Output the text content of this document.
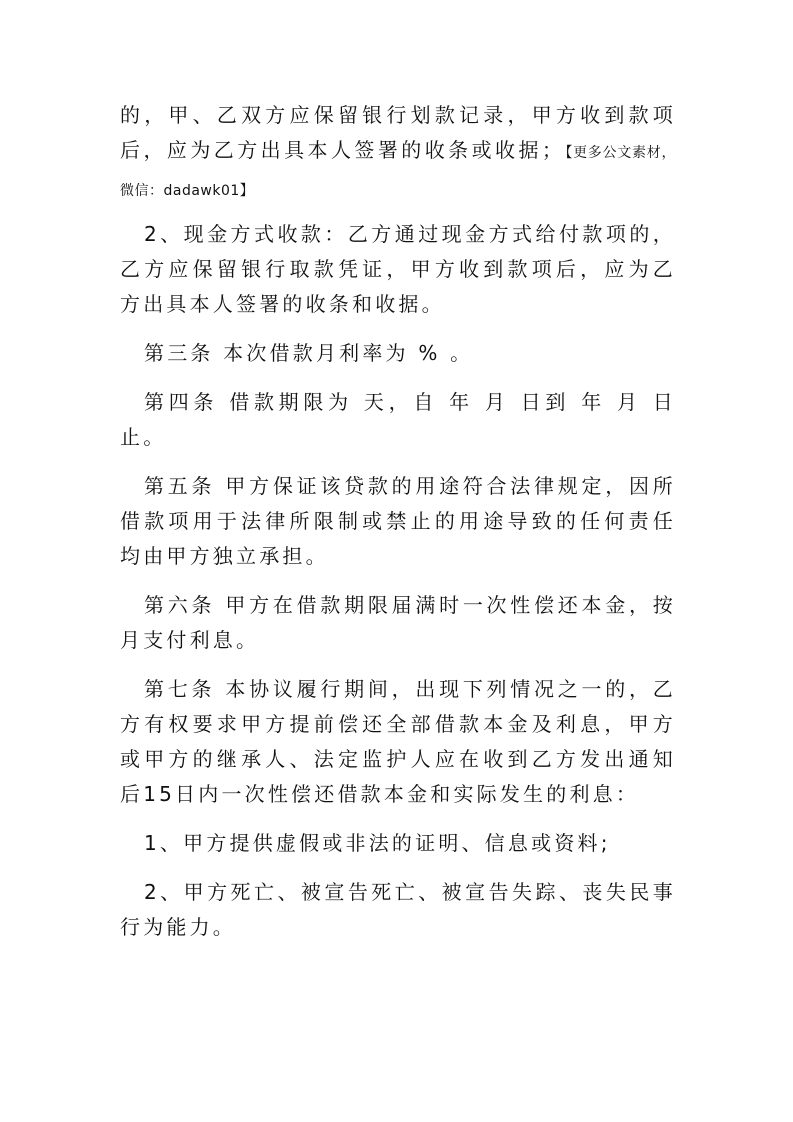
的，甲、乙双方应保留银行划款记录，甲方收到款项后，应为乙方出具本人签署的收条或收据；【更多公文素材，微信：dadawk01】

2、现金方式收款：乙方通过现金方式给付款项的，乙方应保留银行取款凭证，甲方收到款项后，应为乙方出具本人签署的收条和收据。

第三条 本次借款月利率为 % 。

第四条 借款期限为 天，自 年 月 日到 年 月 日止。

第五条 甲方保证该贷款的用途符合法律规定，因所借款项用于法律所限制或禁止的用途导致的任何责任均由甲方独立承担。

第六条 甲方在借款期限届满时一次性偿还本金，按月支付利息。

第七条 本协议履行期间，出现下列情况之一的，乙方有权要求甲方提前偿还全部借款本金及利息，甲方或甲方的继承人、法定监护人应在收到乙方发出通知后15日内一次性偿还借款本金和实际发生的利息：

1、甲方提供虚假或非法的证明、信息或资料;

2、甲方死亡、被宣告死亡、被宣告失踪、丧失民事行为能力。
